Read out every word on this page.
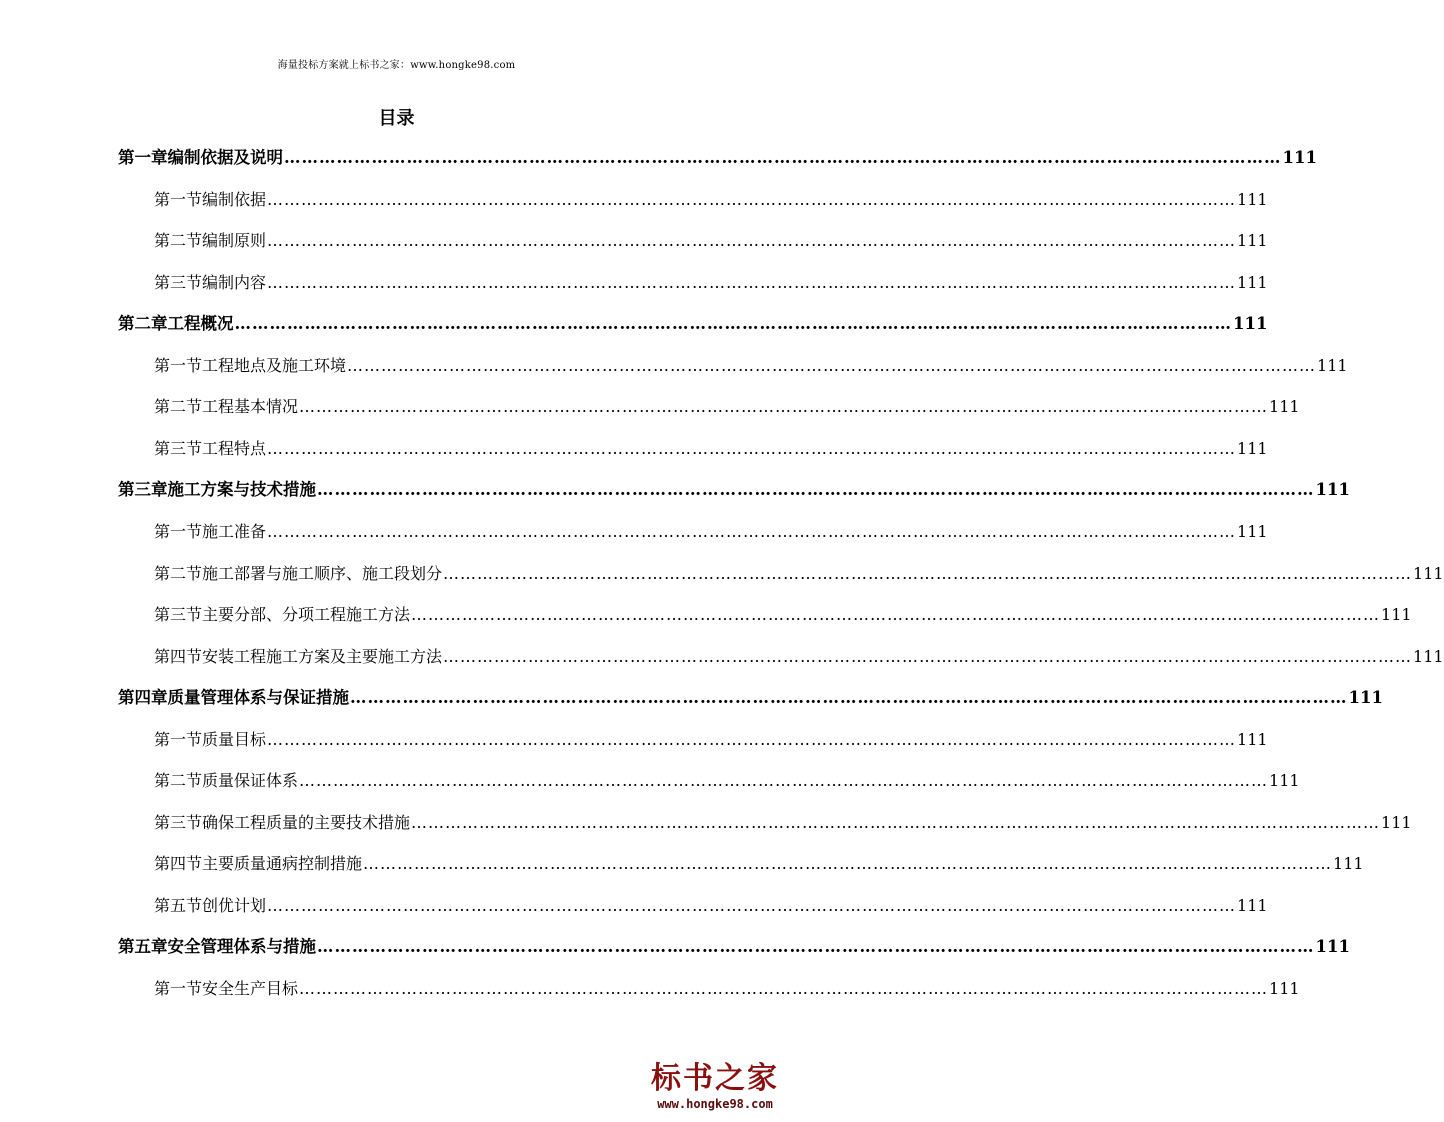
海量投标方案就上标书之家：www.hongke98.com
目录
第一章 编制依据及说明 ……………………………………………………………………………………………………………………………………………………… 111
第一节 编制依据 ……………………………………………………………………………………………………………………………………………………… 111
第二节 编制原则 ……………………………………………………………………………………………………………………………………………………… 111
第三节 编制内容 ……………………………………………………………………………………………………………………………………………………… 111
第二章 工程概况 ……………………………………………………………………………………………………………………………………………………… 111
第一节 工程地点及施工环境 ……………………………………………………………………………………………………………………………………………………… 111
第二节 工程基本情况 ……………………………………………………………………………………………………………………………………………………… 111
第三节 工程特点 ……………………………………………………………………………………………………………………………………………………… 111
第三章 施工方案与技术措施 ……………………………………………………………………………………………………………………………………………………… 111
第一节 施工准备 ……………………………………………………………………………………………………………………………………………………… 111
第二节 施工部署与施工顺序、施工段划分 ……………………………………………………………………………………………………………………………………………………… 111
第三节 主要分部、分项工程施工方法 ……………………………………………………………………………………………………………………………………………………… 111
第四节 安装工程施工方案及主要施工方法 ……………………………………………………………………………………………………………………………………………………… 111
第四章 质量管理体系与保证措施 ……………………………………………………………………………………………………………………………………………………… 111
第一节 质量目标 ……………………………………………………………………………………………………………………………………………………… 111
第二节 质量保证体系 ……………………………………………………………………………………………………………………………………………………… 111
第三节 确保工程质量的主要技术措施 ……………………………………………………………………………………………………………………………………………………… 111
第四节 主要质量通病控制措施 ……………………………………………………………………………………………………………………………………………………… 111
第五节 创优计划 ……………………………………………………………………………………………………………………………………………………… 111
第五章 安全管理体系与措施 ……………………………………………………………………………………………………………………………………………………… 111
第一节 安全生产目标 ……………………………………………………………………………………………………………………………………………………… 111
标书之家
www.hongke98.com
